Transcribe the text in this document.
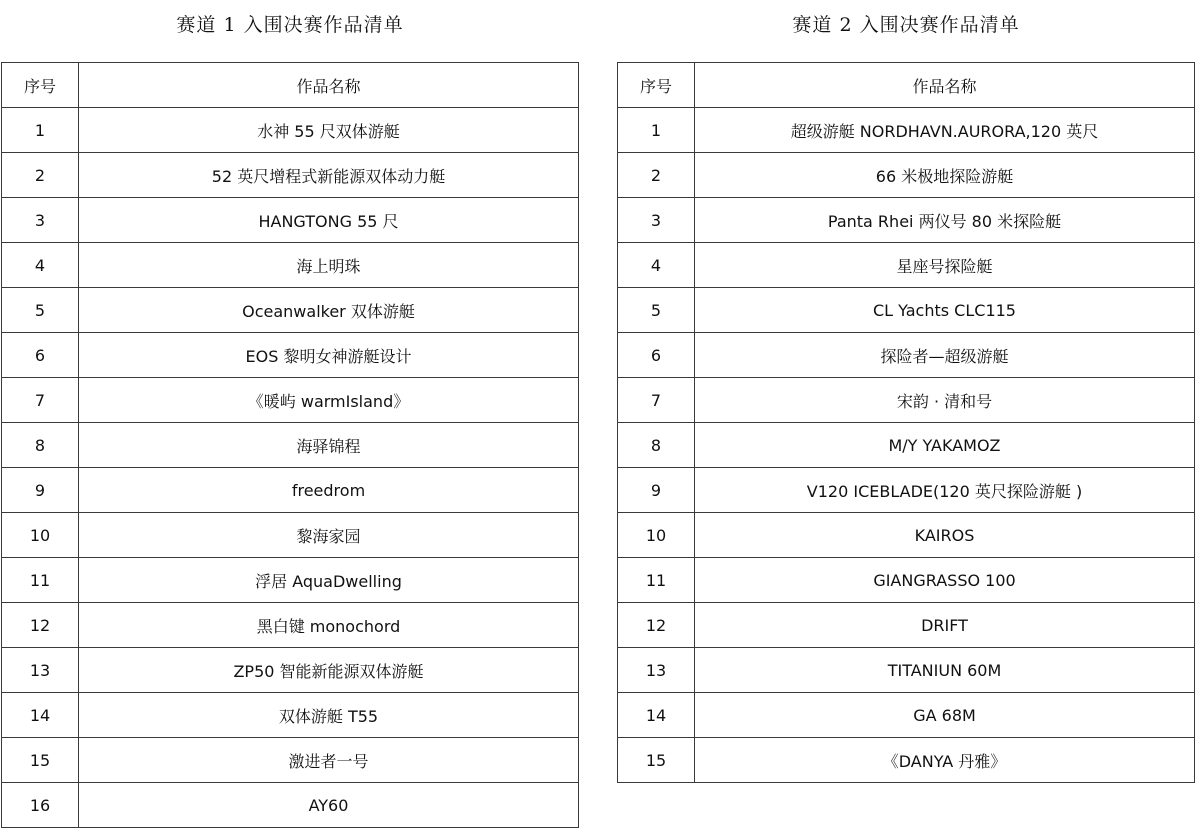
赛道 1 入围决赛作品清单
序号	作品名称
1	水神 55 尺双体游艇
2	52 英尺增程式新能源双体动力艇
3	HANGTONG 55 尺
4	海上明珠
5	Oceanwalker 双体游艇
6	EOS 黎明女神游艇设计
7	《暖屿 warmIsland》
8	海驿锦程
9	freedrom
10	黎海家园
11	浮居 AquaDwelling
12	黑白键 monochord
13	ZP50 智能新能源双体游艇
14	双体游艇 T55
15	激进者一号
16	AY60
赛道 2 入围决赛作品清单
序号	作品名称
1	超级游艇 NORDHAVN.AURORA,120 英尺
2	66 米极地探险游艇
3	Panta Rhei 两仪号 80 米探险艇
4	星座号探险艇
5	CL Yachts CLC115
6	探险者—超级游艇
7	宋韵 · 清和号
8	M/Y YAKAMOZ
9	V120 ICEBLADE(120 英尺探险游艇 )
10	KAIROS
11	GIANGRASSO 100
12	DRIFT
13	TITANIUN 60M
14	GA 68M
15	《DANYA 丹雅》
